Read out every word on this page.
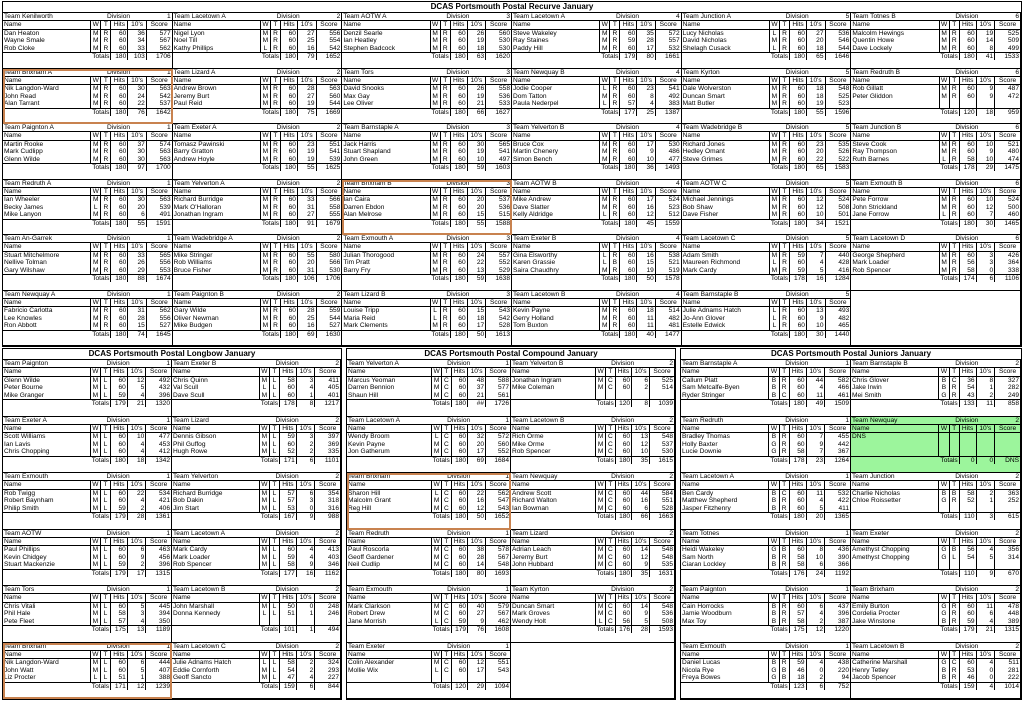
DCAS Portsmouth Postal Recurve January
Team Kenilworth	Division				1
Name	W	T	Hits	10's	Score
Dan Heaton	M	R	60	36	577
Wayne Smale	M	R	60	34	567
Rob Cloke	M	R	60	33	562
Totals			180	103	1706
Team Lacetown A	Division				2
Name	W	T	Hits	10's	Score
Nigel Lyon	M	R	60	27	556
Noel Till	M	R	60	25	554
Kathy Phillips	L	R	60	16	542
Totals			180	79	1652
Team AOTW A	Division				3
Name	W	T	Hits	10's	Score
Denzil Searle	M	R	60	26	560
Ian Heatley	M	R	60	19	530
Stephen Badcock	M	R	60	18	530
Totals			180	63	1620
Team Lacetown A	Division				4
Name	W	T	Hits	10's	Score
Steve Wakeley	M	R	60	35	572
Ray Staines	M	R	59	28	557
Paddy Hill	M	R	60	17	532
Totals			179	80	1661
Team Junction A	Division				5
Name	W	T	Hits	10's	Score
Lucy Nicholas	L	R	60	27	536
David Nicholas	M	R	60	20	546
Shelagh Cusack	L	R	60	18	544
Totals			180	65	1646
Team Totnes B	Division				6
Name	W	T	Hits	10's	Score
Malcolm Hewings	M	R	60	19	525
Quentin Howe	M	R	60	14	509
Dave Lockely	M	R	60	8	499
Totals			180	41	1533
Team Brixham A	Division				1
Name	W	T	Hits	10's	Score
Nik Langdon-Ward	M	R	60	30	563
John Read	M	R	60	24	542
Alan Tarrant	M	R	60	22	537
Totals			180	76	1642
Team Lizard A	Division				2
Name	W	T	Hits	10's	Score
Andrew Brown	M	R	60	28	563
Jeremy Burt	M	R	60	27	560
Paul Reid	M	R	60	19	544
Totals			180	75	1669
Team Tors	Division				3
Name	W	T	Hits	10's	Score
David Snooks	M	R	60	26	558
Max Gay	M	R	60	19	536
Lee Oliver	M	R	60	21	533
Totals			180	66	1627
Team Newquay B	Division				4
Name	W	T	Hits	10's	Score
Jodie Cooper	L	R	60	23	541
Dom Tatton	M	R	60	8	492
Paula Nederpel	L	R	57	4	383
Totals			177	25	1387
Team Kyrton	Division				5
Name	W	T	Hits	10's	Score
Dale Wolverston	M	R	60	18	548
Duncan Smart	M	R	60	18	525
Matt Butler	M	R	60	19	523
Totals			180	55	1596
Team Redruth B	Division				6
Name	W	T	Hits	10's	Score
Rob Gillatt	M	R	60	9	487
Peter Gliddon	M	R	60	9	472

Totals			120	18	959
Team Paignton A	Division				1
Name	W	T	Hits	10's	Score
Martin Rooke	M	R	60	37	574
Mark Cudlipp	M	R	60	30	563
Glenn Wilde	M	R	60	30	563
Totals			180	97	1700
Team Exeter A	Division				2
Name	W	T	Hits	10's	Score
Tomasz Pawinski	M	R	60	23	551
Barry Gratton	M	R	60	19	541
Andrew Hoyle	M	R	60	19	539
Totals			180	55	1625
Team Barnstaple A	Division				3
Name	W	T	Hits	10's	Score
Jack Harris	M	R	60	30	565
Stuart Shapland	M	R	60	19	541
John Green	M	R	60	10	497
Totals			180	59	1603
Team Yelverton B	Division				4
Name	W	T	Hits	10's	Score
Bruce Cox	M	R	60	17	530
Martin Chenery	M	R	60	9	486
Simon Bench	M	R	60	10	477
Totals			180	36	1493
Team Wadebridge B	Division				5
Name	W	T	Hits	10's	Score
Richard Jones	M	R	60	23	535
Hedley Omant	M	R	60	20	526
Steve Grimes	M	R	60	22	522
Totals			180	65	1583
Team Junction B	Division				6
Name	W	T	Hits	10's	Score
Steve Cook	M	R	60	10	521
Ray Thompson	M	R	60	9	480
Ruth Barnes	L	R	58	10	474
Totals			178	29	1475
Team Redruth A	Division				1
Name	W	T	Hits	10's	Score
Ian Wheeler	M	R	60	30	563
Becky James	L	R	60	20	539
Mike Lanyon	M	R	60	6	491
Totals			180	55	1591
Team Yelverton A	Division				2
Name	W	T	Hits	10's	Score
Richard Burridge	M	R	60	33	566
Mark O'Halloran	M	R	60	31	558
Jonathan Ingram	M	R	60	27	555
Totals			180	91	1679
Team Brixham B	Division				3
Name	W	T	Hits	10's	Score
Ian Caira	M	R	60	20	537
Darren Ebdon	M	R	60	20	536
Alan Melrose	M	R	60	15	515
Totals			180	55	1588
Team AOTW B	Division				4
Name	W	T	Hits	10's	Score
Mike Andrew	M	R	60	17	524
Dave Slatter	M	R	60	16	523
Kelly Aldridge	L	R	60	12	512
Totals			180	45	1559
Team AOTW C	Division				5
Name	W	T	Hits	10's	Score
Michael Jennings	M	R	60	12	524
Bob Shaw	M	R	60	12	508
Dave Fisher	M	R	60	10	501
Totals			180	34	1521
Team Exmouth B	Division				6
Name	W	T	Hits	10's	Score
Pete Forrow	M	R	60	10	524
John Strickland	M	R	60	12	500
Jane Forrow	L	R	60	7	460
Totals			180	30	1465
Team An-Garrek	Division				1
Name	W	T	Hits	10's	Score
Stuart Mitchelmore	M	R	60	33	565
Nellive Tolman	M	R	60	26	556
Gary Wilshaw	M	R	60	29	553
Totals			180	88	1674
Team Wadebridge A	Division				2
Name	W	T	Hits	10's	Score
Mike Stringer	M	R	60	55	580
Rob Williams	M	R	60	20	566
Bruce Fisher	M	R	60	31	530
Totals			180	106	1706
Team Exmouth A	Division				3
Name	W	T	Hits	10's	Score
Julian Thorogood	M	R	60	24	557
Tim Pratt	M	R	60	22	552
Barry Fry	M	R	60	13	529
Totals			180	59	1638
Team Exeter B	Division				4
Name	W	T	Hits	10's	Score
Gina Elsworthy	L	R	60	16	538
Karen Grassie	L	B	60	15	521
Saira Chaudhry	M	R	60	19	519
Totals			180	50	1578
Team Lacetown C	Division				5
Name	W	T	Hits	10's	Score
Adam Smith	M	R	59	7	440
Maureen Richmond	L	R	60	4	428
Mark Cardy	M	R	59	5	416
Totals			178	16	1284
Team Lacetown D	Division				6
Name	W	T	Hits	10's	Score
George Shepherd	M	R	60	3	426
Mark Loader	M	R	56	3	364
Rob Spencer	M	R	58	0	338
Totals			174	6	1106
Team Newquay A	Division				1
Name	W	T	Hits	10's	Score
Fabricio Carlotta	M	R	60	31	562
Lee Knowles	M	R	60	28	556
Ron Abbott	M	R	60	15	527
Totals			180	74	1645
Team Paignton B	Division				2
Name	W	T	Hits	10's	Score
Gary Wilde	M	R	60	28	559
Oliver Newman	M	R	60	25	544
Mike Budgen	M	R	60	16	527
Totals			180	69	1630
Team Lizard B	Division				3
Name	W	T	Hits	10's	Score
Louise Tripp	L	R	60	15	543
Maria Reid	L	R	60	18	542
Mark Clements	M	R	60	17	528
Totals			180	50	1613
Team Lacetown B	Division				4
Name	W	T	Hits	10's	Score
Kevin Payne	M	R	60	18	514
Gerry Holland	M	R	60	11	482
Tom Buxton	M	R	60	11	481
Totals			180	40	1477
Team Barnstaple B	Division				5
Name	W	T	Hits	10's	Score
Julie Adnams Hatch	L	R	60	13	493
Jo-Ann Glover	L	R	60	9	482
Estelle Edwick	L	R	60	10	465
Totals			180	30	1440
DCAS Portsmouth Postal Longbow January
Team Paignton	Division				1
Name	W	T	Hits	10's	Score
Glenn Wilde	M	L	60	12	492
Peter Bourne	M	L	60	5	432
Mike Granger	M	L	59	4	396
Totals			179	21	1320
Team Exeter B	Division				2
Name	W	T	Hits	10's	Score
Chris Quinn	M	L	58	3	411
Val Scull	L	L	60	4	405
Dave Scull	M	L	60	1	401
Totals			178	8	1217
Team Exeter A	Division				1
Name	W	T	Hits	10's	Score
Scott Williams	M	L	60	10	477
Ian Lavis	M	L	60	4	453
Chris Chopping	M	L	60	4	412
Totals			180	18	1342
Team Lizard	Division				2
Name	W	T	Hits	10's	Score
Dennis Gibson	M	L	59	3	397
Phil Guffog	M	L	60	2	369
Hugh Rowe	M	L	52	2	335
Totals			171	6	1101
Team Exmouth	Division				1
Name	W	T	Hits	10's	Score
Rob Twigg	M	L	60	22	534
Robert Baynham	M	L	60	4	421
Philip Smith	M	L	59	2	406
Totals			179	28	1361
Team Yelverton	Division				2
Name	W	T	Hits	10's	Score
Richard Burridge	M	L	57	6	354
Bob Dakin	M	L	57	3	318
Jim Start	M	L	53	0	316
Totals			167	9	988
Team AOTW	Division				1
Name	W	T	Hits	10's	Score
Paul Phillips	M	L	60	6	463
Kevin Chidgey	M	L	60	9	456
Stuart Mackenzie	M	L	59	2	396
Totals			179	17	1315
Team Lacetown A	Division				2
Name	W	T	Hits	10's	Score
Mark Cardy	M	L	60	4	413
Mark Loader	M	L	59	4	403
Rob Spencer	M	L	58	9	346
Totals			177	16	1162
Team Tors	Division				1
Name	W	T	Hits	10's	Score
Chris Vitali	M	L	60	5	445
Phil Hale	M	L	58	3	394
Pete Fleet	M	L	57	4	350
Totals			175	13	1189
Team Lacetown B	Division				2
Name	W	T	Hits	10's	Score
John Marshall	M	L	50	0	248
Donna Kennedy	L	L	51	1	246

Totals			101	1	494
Team Brixham	Division				1
Name	W	T	Hits	10's	Score
Nik Langdon-Ward	M	L	60	6	444
John Watt	M	L	60	5	407
Liz Procter	L	L	51	1	388
Totals			171	12	1239
Team Lacetown C	Division				2
Name	W	T	Hits	10's	Score
Julie Adnams Hatch	L	L	58	2	324
Eddie Cornforth	M	L	54	2	293
Geoff Sancto	M	L	47	4	227
Totals			159	6	844
DCAS Portsmouth Postal Compound January
Team Yelverton A	Division				1
Name	W	T	Hits	10's	Score
Marcus Yeoman	M	C	60	48	588
Darren Bennion	M	C	60	37	577
Shaun Hill	M	C	60	21	561
Totals			180	##	1726
Team Yelverton B	Division				2
Name	W	T	Hits	10's	Score
Jonathan Ingram	M	C	60	6	525
Mike Coleman	M	C	60	2	514

Totals			120	8	1039
Team Lacetown A	Division				1
Name	W	T	Hits	10's	Score
Wendy Broom	L	C	60	32	572
Kevin Payne	M	C	60	20	560
Jon Gatherum	M	C	60	17	552
Totals			180	69	1684
Team Lacetown B	Division				2
Name	W	T	Hits	10's	Score
Rich Orme	M	C	60	13	548
Mike Orme	M	C	60	12	537
Rob Spencer	M	C	60	10	530
Totals			180	35	1615
Team Brixham	Division				1
Name	W	T	Hits	10's	Score
Sharon Hill	L	C	60	22	562
Malcolm Grant	M	C	60	16	547
Reg Hill	M	C	60	12	543
Totals			180	50	1652
Team Newquay	Division				2
Name	W	T	Hits	10's	Score
Andrew Scott	M	C	60	44	584
Richard Walton	M	C	60	16	551
Ian Bowman	M	C	60	6	528
Totals			180	66	1663
Team Redruth	Division				1
Name	W	T	Hits	10's	Score
Paul Roscorla	M	C	60	38	578
Geoff Gardener	M	C	60	28	567
Neil Cudlip	M	C	60	14	548
Totals			180	80	1693
Team Lizard	Division				2
Name	W	T	Hits	10's	Score
Adrian Leach	M	C	60	14	548
Jeremy Burt	M	C	60	12	548
John Hubbard	M	C	60	9	535
Totals			180	35	1631
Team Exmouth	Division				1
Name	W	T	Hits	10's	Score
Mark Clarkson	M	C	60	40	579
Robert Drew	M	C	60	27	567
Jane Morrish	L	C	59	9	462
Totals			179	76	1608
Team Kyrton	Division				2
Name	W	T	Hits	10's	Score
Duncan Smart	M	C	60	14	548
Mark Groves	M	C	60	9	536
Wendy Holt	L	C	56	5	508
Totals			176	28	1593
Team Exeter	Division				1
Name	W	T	Hits	10's	Score
Colin Alexander	M	C	60	12	551
Mollie Wix	L	C	60	17	543

Totals			120	29	1094
DCAS Portsmouth Postal Juniors January
Team Barnstaple A	Division				1
Name	W	T	Hits	10's	Score
Callum Platt	B	R	60	44	582
Sam Metcalfe-Byen	B	R	60	4	466
Ryder Stringer	B	C	60	11	461
Totals			180	49	1509
Team Barnstaple B	Division				2
Name	W	T	Hits	10's	Score
Chris Glover	B	C	36	8	327
Jake Irwin	B	R	54	1	282
Mei Smith	G	R	43	2	249
Totals			133	11	858
Team Redruth	Division				1
Name	W	T	Hits	10's	Score
Bradley Thomas	B	R	60	7	455
Holly Baxter	G	R	60	9	442
Lucie Downie	G	R	58	7	367
Totals			178	23	1264
Team Newquay	Division				2
Name	W	T	Hits	10's	Score
DNS					

Totals			0	0	DNS
Team Lacetown A	Division				1
Name	W	T	Hits	10's	Score
Ben Cardy	B	C	60	11	532
Matthew Shepherd	B	R	60	4	422
Jasper Fitzhenry	B	R	60	5	411
Totals			180	20	1365
Team Junction	Division				2
Name	W	T	Hits	10's	Score
Charlie Nicholas	B	B	58	2	363
Chloe Roissetter	G	R	52	1	252

Totals			110	3	615
Team Totnes	Division				1
Name	W	T	Hits	10's	Score
Heidi Wakeley	G	B	60	8	436
Sam North	B	R	58	10	390
Ciaran Lockley	B	R	58	6	366
Totals			176	24	1192
Team Exeter	Division				2
Name	W	T	Hits	10's	Score
Amethyst Chopping	G	B	56	4	356
Amethyst Chopping	G	L	54	5	314

Totals			110	9	670
Team Paignton	Division				1
Name	W	T	Hits	10's	Score
Cain Horrocks	B	R	60	6	437
Jamie Woodburn	B	R	57	4	396
Max Toy	B	R	58	2	387
Totals			175	12	1220
Team Brixham	Division				2
Name	W	T	Hits	10's	Score
Emily Burton	G	R	60	11	478
Cordelia Procter	G	R	60	6	448
Jake Winstone	B	R	59	4	389
Totals			179	21	1315
Team Exmouth	Division				1
Name	W	T	Hits	10's	Score
Daniel Lucas	B	R	59	4	438
Nicola Rye	G	B	46	0	220
Freya Bowes	G	B	18	2	94
Totals			123	6	752
Team Lacetown B	Division				2
Name	W	T	Hits	10's	Score
Catherine Marshall	G	C	60	4	511
Henry Tetley	B	R	53	0	281
Jacob Spencer	B	R	46	0	222
Totals			159	4	1014
